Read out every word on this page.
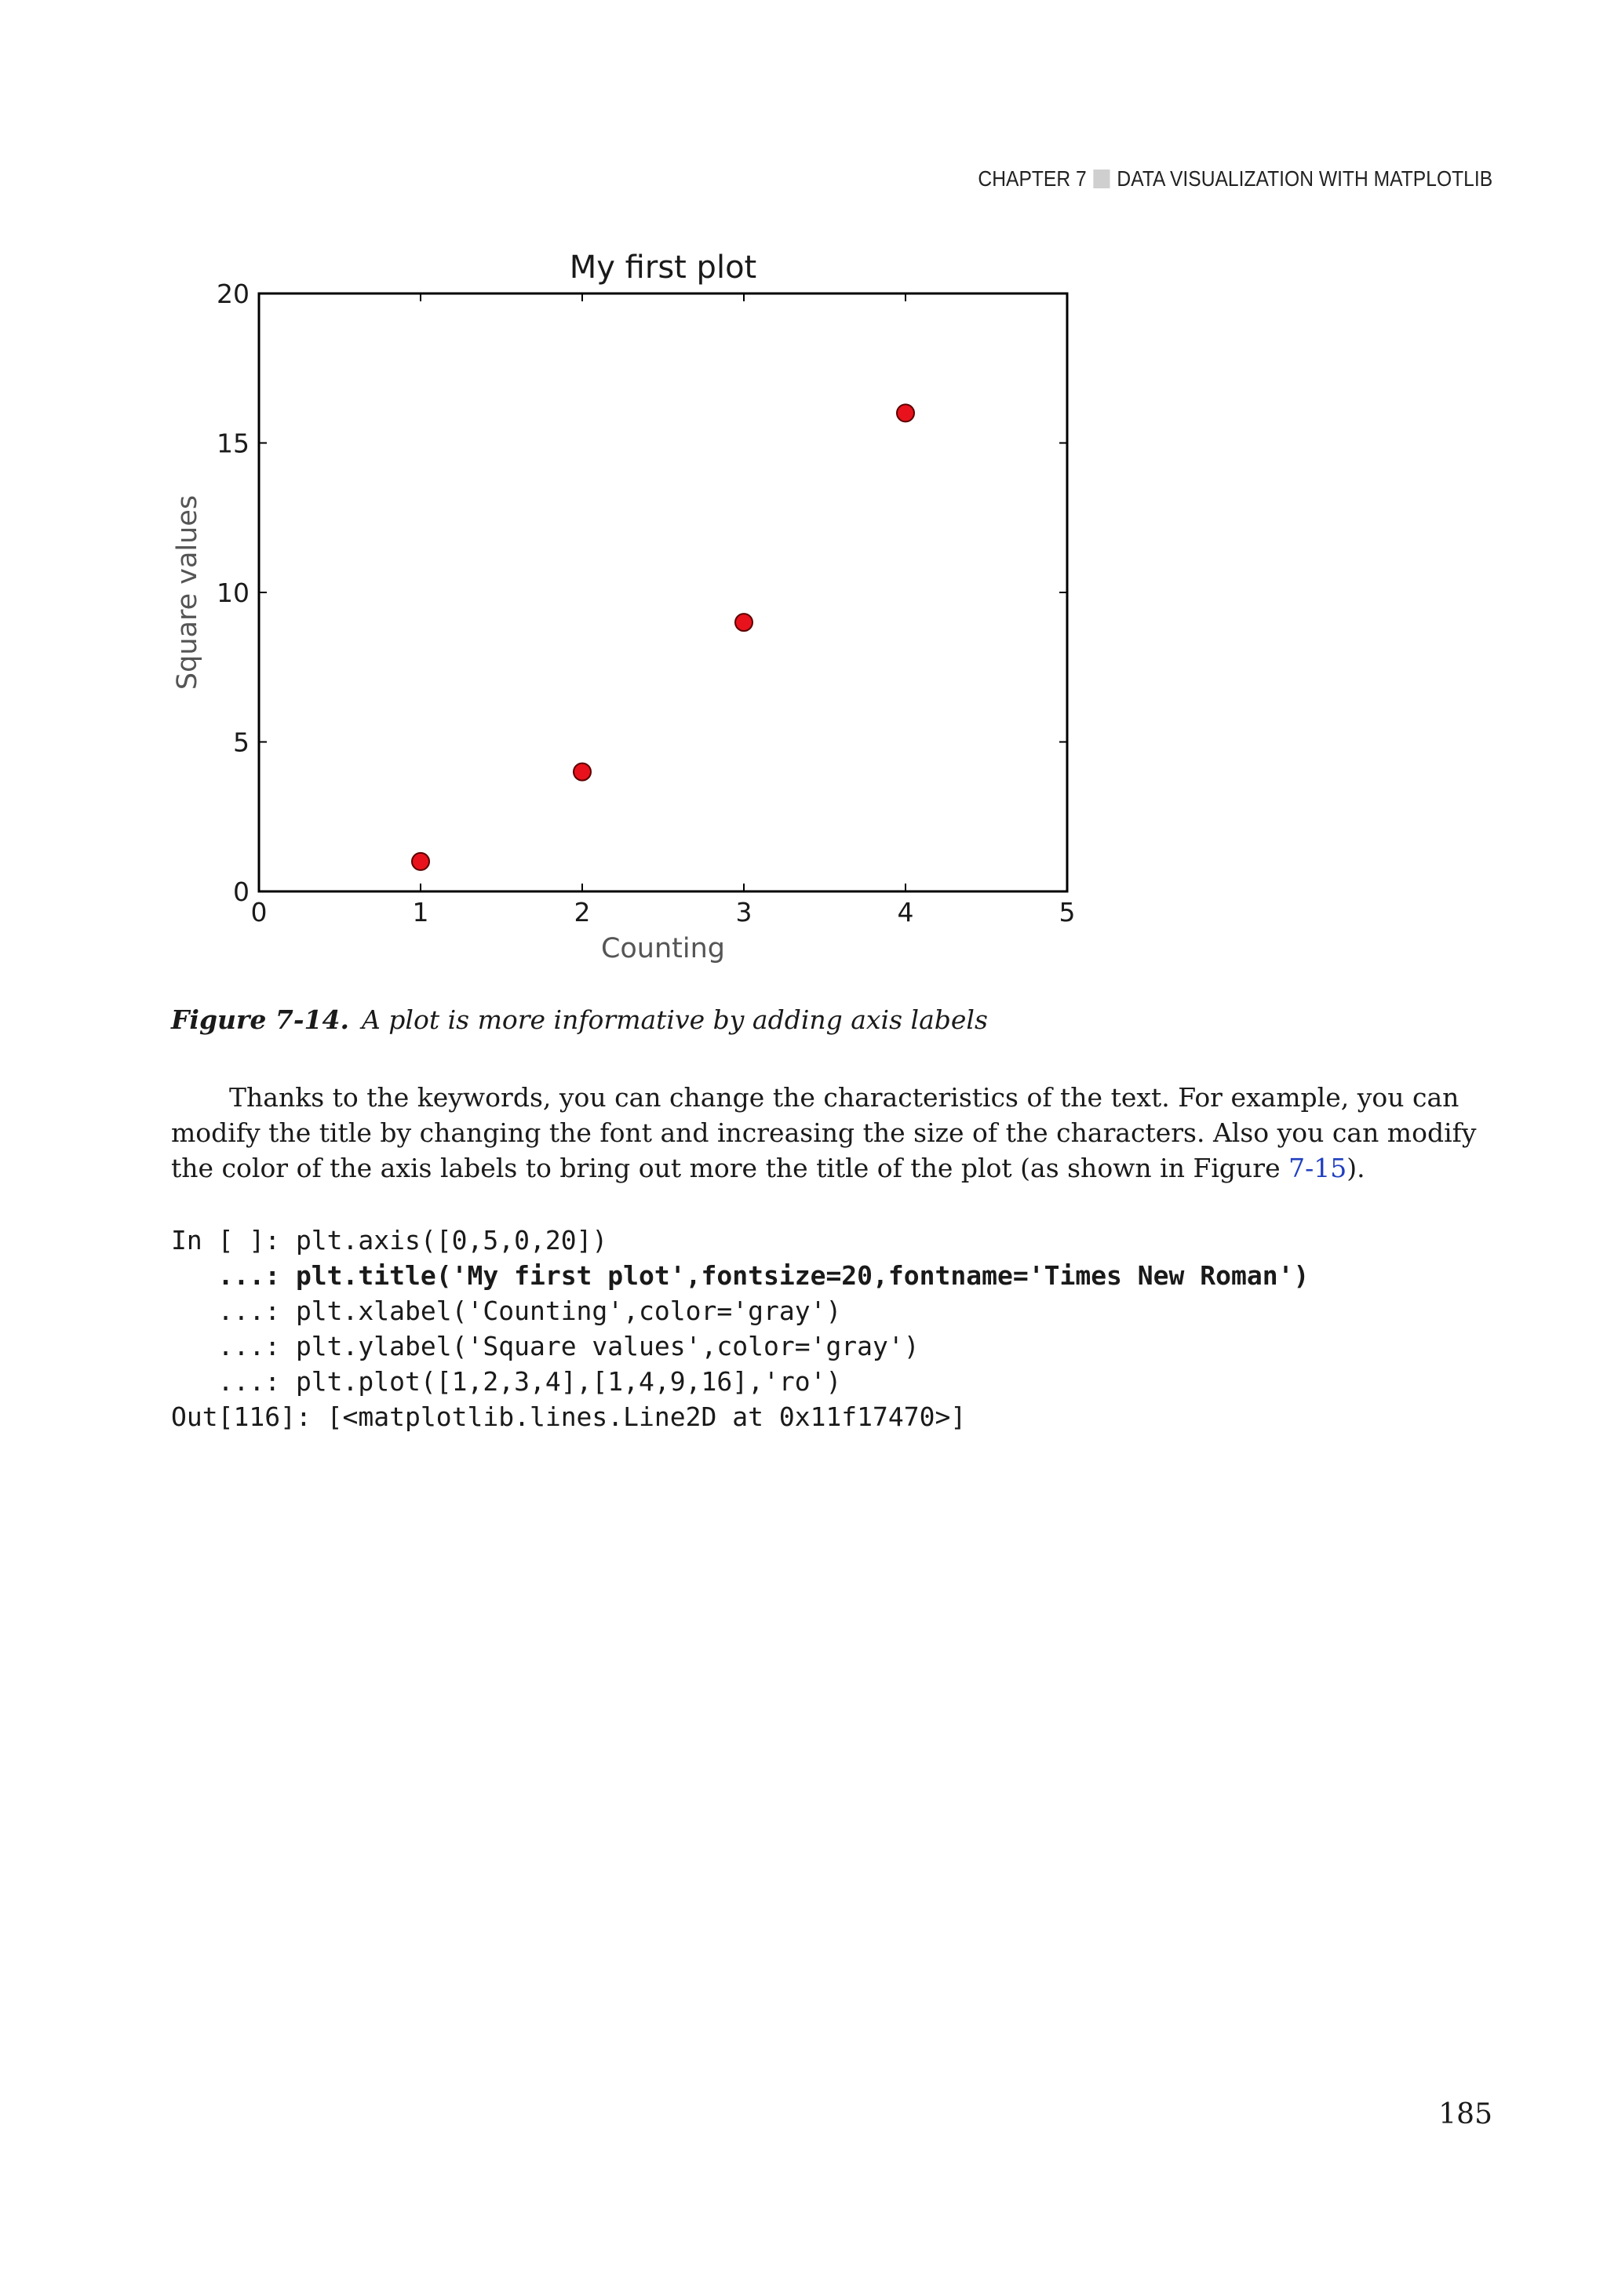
CHAPTER 7 DATA VISUALIZATION WITH MATPLOTLIB
My first plot
0	1	2	3	4	5
0
5
10
15
20
Counting
Square values
Figure 7-14. A plot is more informative by adding axis labels
Thanks to the keywords, you can change the characteristics of the text. For example, you can modify the title by changing the font and increasing the size of the characters. Also you can modify the color of the axis labels to bring out more the title of the plot (as shown in Figure 7-15).
In [ ]: plt.axis([0,5,0,20])
...: plt.title('My first plot',fontsize=20,fontname='Times New Roman')
...: plt.xlabel('Counting',color='gray')
...: plt.ylabel('Square values',color='gray')
...: plt.plot([1,2,3,4],[1,4,9,16],'ro')
Out[116]: [<matplotlib.lines.Line2D at 0x11f17470>]
185
